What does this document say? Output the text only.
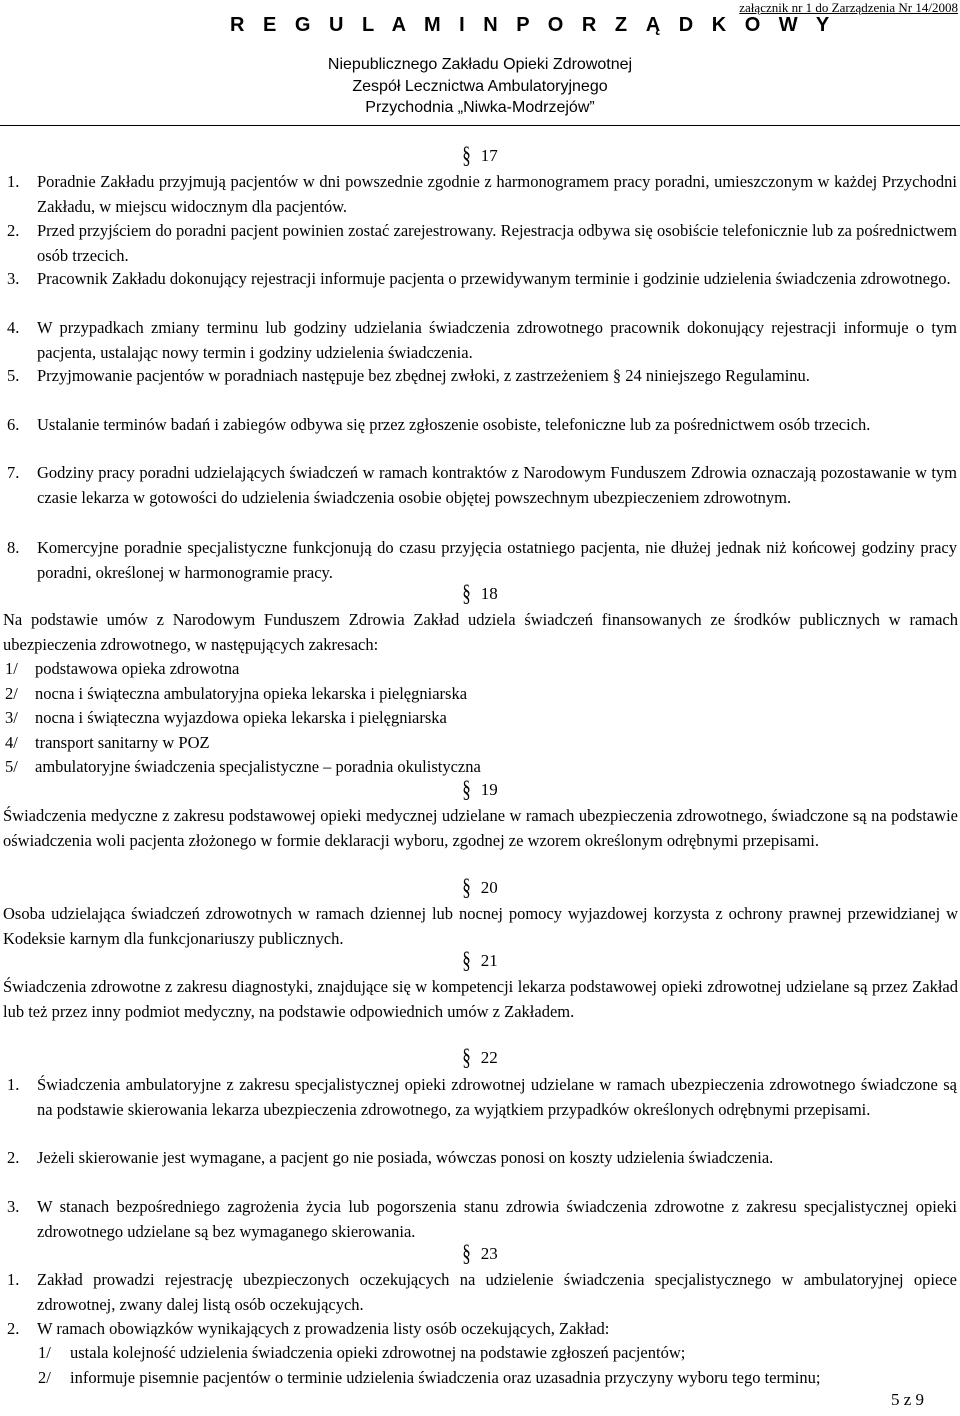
załącznik nr 1 do Zarządzenia Nr 14/2008
R E G U L A M I N P O R Z Ą D K O W Y
Niepublicznego Zakładu Opieki Zdrowotnej
Zespół Lecznictwa Ambulatoryjnego
Przychodnia „Niwka-Modrzejów”
§ 17
1. Poradnie Zakładu przyjmują pacjentów w dni powszednie zgodnie z harmonogramem pracy poradni, umieszczonym w każdej Przychodni Zakładu, w miejscu widocznym dla pacjentów.
2. Przed przyjściem do poradni pacjent powinien zostać zarejestrowany. Rejestracja odbywa się osobiście telefonicznie lub za pośrednictwem osób trzecich.
3. Pracownik Zakładu dokonujący rejestracji informuje pacjenta o przewidywanym terminie i godzinie udzielenia świadczenia zdrowotnego.
4. W przypadkach zmiany terminu lub godziny udzielania świadczenia zdrowotnego pracownik dokonujący rejestracji informuje o tym pacjenta, ustalając nowy termin i godziny udzielenia świadczenia.
5. Przyjmowanie pacjentów w poradniach następuje bez zbędnej zwłoki, z zastrzeżeniem § 24 niniejszego Regulaminu.
6. Ustalanie terminów badań i zabiegów odbywa się przez zgłoszenie osobiste, telefoniczne lub za pośrednictwem osób trzecich.
7. Godziny pracy poradni udzielających świadczeń w ramach kontraktów z Narodowym Funduszem Zdrowia oznaczają pozostawanie w tym czasie lekarza w gotowości do udzielenia świadczenia osobie objętej powszechnym ubezpieczeniem zdrowotnym.
8. Komercyjne poradnie specjalistyczne funkcjonują do czasu przyjęcia ostatniego pacjenta, nie dłużej jednak niż końcowej godziny pracy poradni, określonej w harmonogramie pracy.
§ 18
Na podstawie umów z Narodowym Funduszem Zdrowia Zakład udziela świadczeń finansowanych ze środków publicznych w ramach ubezpieczenia zdrowotnego, w następujących zakresach:
1/ podstawowa opieka zdrowotna
2/ nocna i świąteczna ambulatoryjna opieka lekarska i pielęgniarska
3/ nocna i świąteczna wyjazdowa opieka lekarska i pielęgniarska
4/ transport sanitarny w POZ
5/ ambulatoryjne świadczenia specjalistyczne – poradnia okulistyczna
§ 19
Świadczenia medyczne z zakresu podstawowej opieki medycznej udzielane w ramach ubezpieczenia zdrowotnego, świadczone są na podstawie oświadczenia woli pacjenta złożonego w formie deklaracji wyboru, zgodnej ze wzorem określonym odrębnymi przepisami.
§ 20
Osoba udzielająca świadczeń zdrowotnych w ramach dziennej lub nocnej pomocy wyjazdowej korzysta z ochrony prawnej przewidzianej w Kodeksie karnym dla funkcjonariuszy publicznych.
§ 21
Świadczenia zdrowotne z zakresu diagnostyki, znajdujące się w kompetencji lekarza podstawowej opieki zdrowotnej udzielane są przez Zakład lub też przez inny podmiot medyczny, na podstawie odpowiednich umów z Zakładem.
§ 22
1. Świadczenia ambulatoryjne z zakresu specjalistycznej opieki zdrowotnej udzielane w ramach ubezpieczenia zdrowotnego świadczone są na podstawie skierowania lekarza ubezpieczenia zdrowotnego, za wyjątkiem przypadków określonych odrębnymi przepisami.
2. Jeżeli skierowanie jest wymagane, a pacjent go nie posiada, wówczas ponosi on koszty udzielenia świadczenia.
3. W stanach bezpośredniego zagrożenia życia lub pogorszenia stanu zdrowia świadczenia zdrowotne z zakresu specjalistycznej opieki zdrowotnego udzielane są bez wymaganego skierowania.
§ 23
1. Zakład prowadzi rejestrację ubezpieczonych oczekujących na udzielenie świadczenia specjalistycznego w ambulatoryjnej opiece zdrowotnej, zwany dalej listą osób oczekujących.
2. W ramach obowiązków wynikających z prowadzenia listy osób oczekujących, Zakład:
1/ ustala kolejność udzielenia świadczenia opieki zdrowotnej na podstawie zgłoszeń pacjentów;
2/ informuje pisemnie pacjentów o terminie udzielenia świadczenia oraz uzasadnia przyczyny wyboru tego terminu;
5 z 9
